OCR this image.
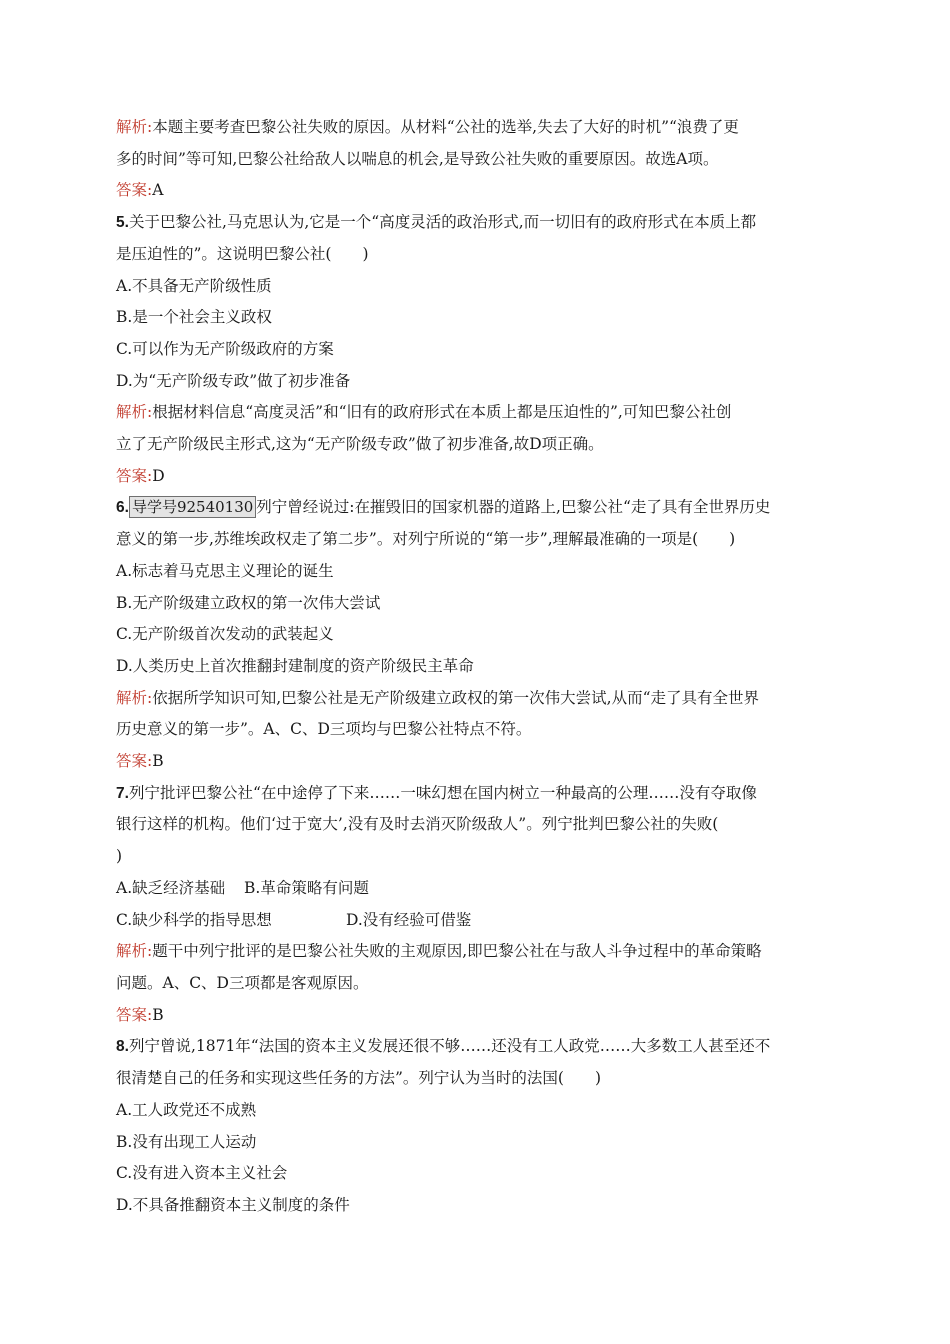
解析:本题主要考查巴黎公社失败的原因。从材料“公社的选举,失去了大好的时机”“浪费了更
多的时间”等可知,巴黎公社给敌人以喘息的机会,是导致公社失败的重要原因。故选A项。
答案:A
5.关于巴黎公社,马克思认为,它是一个“高度灵活的政治形式,而一切旧有的政府形式在本质上都
是压迫性的”。这说明巴黎公社(　　)
A.不具备无产阶级性质
B.是一个社会主义政权
C.可以作为无产阶级政府的方案
D.为“无产阶级专政”做了初步准备
解析:根据材料信息“高度灵活”和“旧有的政府形式在本质上都是压迫性的”,可知巴黎公社创
立了无产阶级民主形式,这为“无产阶级专政”做了初步准备,故D项正确。
答案:D
6. 导学号92540130 列宁曾经说过:在摧毁旧的国家机器的道路上,巴黎公社“走了具有全世界历史
意义的第一步,苏维埃政权走了第二步”。对列宁所说的“第一步”,理解最准确的一项是(　　)
A.标志着马克思主义理论的诞生
B.无产阶级建立政权的第一次伟大尝试
C.无产阶级首次发动的武装起义
D.人类历史上首次推翻封建制度的资产阶级民主革命
解析:依据所学知识可知,巴黎公社是无产阶级建立政权的第一次伟大尝试,从而“走了具有全世界
历史意义的第一步”。A、C、D三项均与巴黎公社特点不符。
答案:B
7.列宁批评巴黎公社“在中途停了下来……一味幻想在国内树立一种最高的公理……没有夺取像
银行这样的机构。他们‘过于宽大’,没有及时去消灭阶级敌人”。列宁批判巴黎公社的失败(
)
A.缺乏经济基础 B.革命策略有问题
C.缺少科学的指导思想	D.没有经验可借鉴
解析:题干中列宁批评的是巴黎公社失败的主观原因,即巴黎公社在与敌人斗争过程中的革命策略
问题。A、C、D三项都是客观原因。
答案:B
8.列宁曾说,1871年“法国的资本主义发展还很不够……还没有工人政党……大多数工人甚至还不
很清楚自己的任务和实现这些任务的方法”。列宁认为当时的法国(　　)
A.工人政党还不成熟
B.没有出现工人运动
C.没有进入资本主义社会
D.不具备推翻资本主义制度的条件
